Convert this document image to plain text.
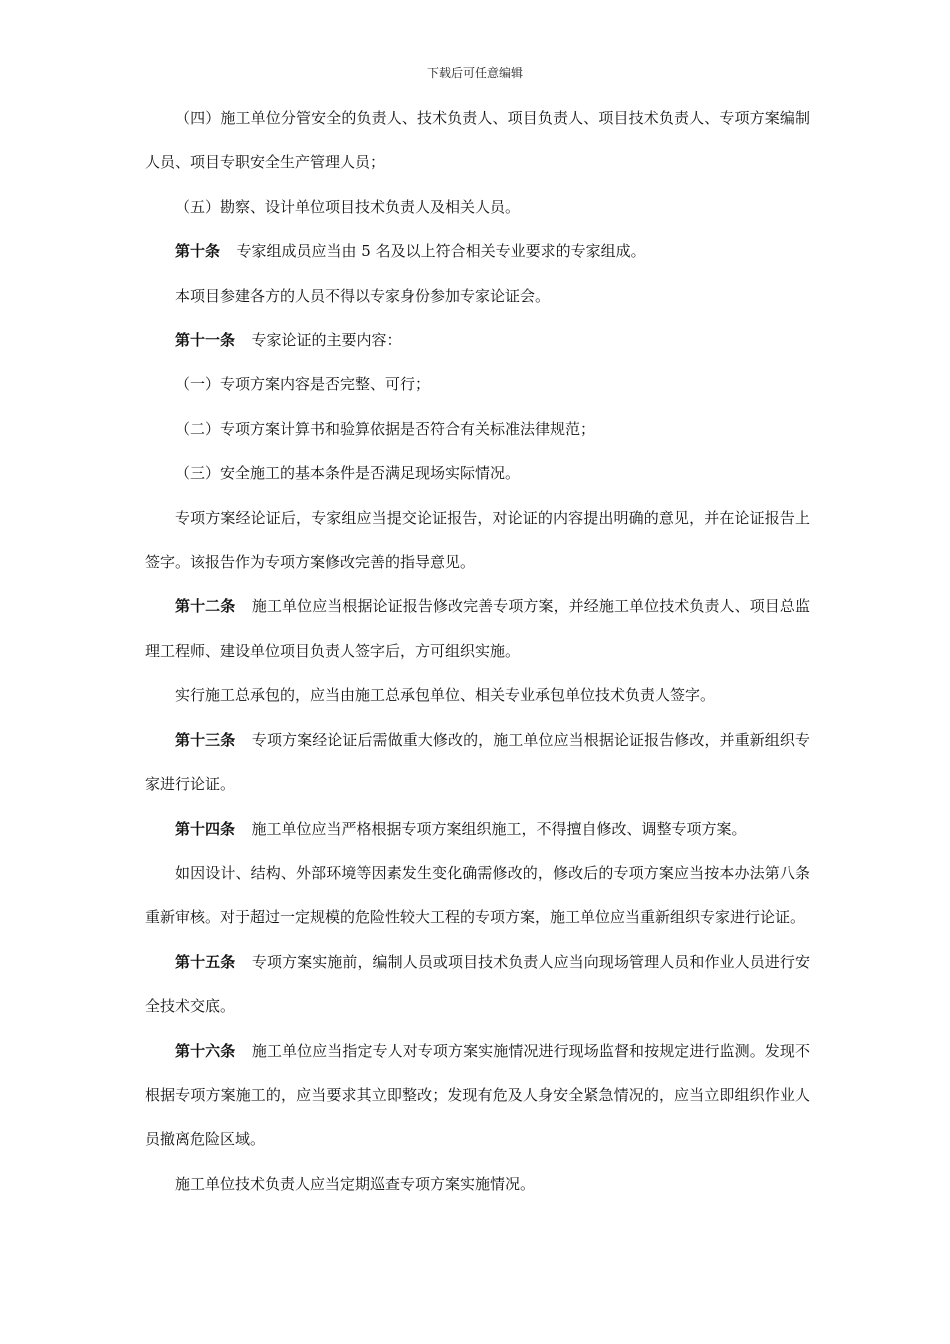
下载后可任意编辑

（四）施工单位分管安全的负责人、技术负责人、项目负责人、项目技术负责人、专项方案编制人员、项目专职安全生产管理人员；

（五）勘察、设计单位项目技术负责人及相关人员。

第十条 专家组成员应当由 5 名及以上符合相关专业要求的专家组成。

本项目参建各方的人员不得以专家身份参加专家论证会。

第十一条 专家论证的主要内容：

（一）专项方案内容是否完整、可行；

（二）专项方案计算书和验算依据是否符合有关标准法律规范；

（三）安全施工的基本条件是否满足现场实际情况。

专项方案经论证后，专家组应当提交论证报告，对论证的内容提出明确的意见，并在论证报告上签字。该报告作为专项方案修改完善的指导意见。

第十二条 施工单位应当根据论证报告修改完善专项方案，并经施工单位技术负责人、项目总监理工程师、建设单位项目负责人签字后，方可组织实施。

实行施工总承包的，应当由施工总承包单位、相关专业承包单位技术负责人签字。

第十三条 专项方案经论证后需做重大修改的，施工单位应当根据论证报告修改，并重新组织专家进行论证。

第十四条 施工单位应当严格根据专项方案组织施工，不得擅自修改、调整专项方案。

如因设计、结构、外部环境等因素发生变化确需修改的，修改后的专项方案应当按本办法第八条重新审核。对于超过一定规模的危险性较大工程的专项方案，施工单位应当重新组织专家进行论证。

第十五条 专项方案实施前，编制人员或项目技术负责人应当向现场管理人员和作业人员进行安全技术交底。

第十六条 施工单位应当指定专人对专项方案实施情况进行现场监督和按规定进行监测。发现不根据专项方案施工的，应当要求其立即整改；发现有危及人身安全紧急情况的，应当立即组织作业人员撤离危险区域。

施工单位技术负责人应当定期巡查专项方案实施情况。
